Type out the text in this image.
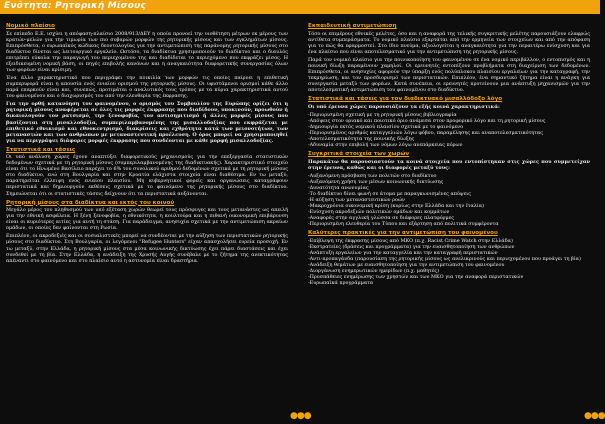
Ενότητα: Ρητορική Μίσους
Νομικό πλαίσιο

Σε επίπεδο Ε.Ε. ισχύει η απόφαση-πλαίσιο 2008/913/ΔΕΥ η οποία προνοεί την υιοθέτηση μέτρων εκ μέρους των κρατών-μελών για την τιμωρία των πιο σοβαρών μορφών της ρητορικής μίσους και των εγκλημάτων μίσους. Επιπρόσθετα, ο ευρωπαϊκός κώδικας δεοντολογίας για την αντιμετώπιση της παράνομης ρητορικής μίσους στο διαδίκτυο δίνεται ως λειτουργικό εργαλείο. Ωστόσο, τα διαδίκτυα χρησιμοποιούν το διαδίκτυο και ο διαυλός επιτρέπει εύκολα την παραγωγή του περιεχομένου της και διαδίδεται το περιεχόμενο που εκφράζει μίσος. Η εξειδικευμένη νομική βάση, οι πηγές επιβολής κανόνων και η αναγκαιότητα διαφορετικής συνεργασίας όλων των φορέων είναι κρίσιμη.

Ένα άλλο χαρακτηριστικό που περιγράφει την ποικιλία των μορφών τις οποίες παίρνει η επιθετική συμπεριφορά είναι η απουσία ενός ενιαίου ορισμού της ρητορικής μίσους. Οι υφιστάμενοι ορισμοί κάθε άλλο παρά επαρκούν είναι και, συνεπώς, προτιμάται ο αναλυτικός τους τρόπος με τα κύρια χαρακτηριστικά αυτού του φαινομένου και ο διαχωρισμός του από την ελευθερία της έκφρασης.

Για την ορθή κατανόηση του φαινομένου, ο ορισμός του Συμβουλίου της Ευρώπης ορίζει ότι η ρητορική μίσους αναφέρεται σε όλες τις μορφές έκφρασης που διαδίδουν, υποκινούν, προωθούν ή δικαιολογούν τον ρατσισμό, την ξενοφοβία, τον αντισημιτισμό ή άλλες μορφές μίσους που βασίζονται στη μισαλλοδοξία, συμπεριλαμβανομένης της μισαλλοδοξίας που εκφράζεται με επιθετικό εθνικισμό και εθνοκεντρισμό, διακρίσεις και εχθρότητα κατά των μειονοτήτων, των μεταναστών και των ανθρώπων με μεταναστευτική προέλευση. Ο όρος μπορεί να χρησιμοποιηθεί για να περιγράψει διάφορες μορφές έκφρασης που συνδέονται με κάθε μορφή μισαλλοδοξίας.

Στατιστικά και τάσεις

Οι υπό ανάλυση χώρες έχουν αναπτύξει διαφορετικούς μηχανισμούς για την επεξεργασία στατιστικών δεδομένων σχετικά με τη ρητορική μίσους (συμπεριλαμβανομένης της διαδικτυακής). Χαρακτηριστικό στοιχείο είναι ότι το Ηνωμένο Βασίλειο παρέχει το 6% του συνολικού αριθμού δεδομένων σχετικά με τη ρητορική μίσους στο διαδίκτυο, ενώ στη Βουλγαρία και στην Κροατία ελάχιστα στοιχεία είναι διαθέσιμα. Εν τω μεταξύ, παρατηρείται έλλειψη ενός ενιαίου πλαισίου. Μη κυβερνητικοί φορείς και οργανώσεις καταγράφουν περιστατικά και δημιουργούν εκθέσεις σχετικά με το φαινόμενο της ρητορικής μίσους στο διαδίκτυο. Σημειώνεται ότι οι στατιστικές τάσεις δείχνουν ότι τα περιστατικά αυξάνονται.

Ρητορική μίσους στα διαδίκτυα και εκτός του κοινού

Μεγάλο μέρος του πληθυσμού των υπό εξέταση χωρών θεωρεί τους πρόσφυγες και τους μετανάστες ως απειλή για την εθνική ασφάλεια. Η ξένη ξενοφοβία, η εθνικότητα, η κουλτούρα και η πιθανή οικονομική επιβάρυνση είναι οι κυριότερες αιτίες για αυτή τη στάση. Για παράδειγμα, ανησυχία σχετικά με την αντιμετώπιση ακραίων ομάδων, οι οποίες δεν φαίνονται στη Ρωσία.

Επιπλέον, οι ακροδεξιές και οι σοσιαλιστικές μπορεί να συνδέονται με την αύξηση των περιστατικών ρητορικής μίσους στο διαδίκτυο. Στη Βουλγαρία, οι λεγόμενοι "Refugee Hunters" είχαν απασχολήσει ευρεία προσοχή. Εν τω μεταξύ, στην Ελλάδα, η ρητορική μίσους στα μέσα κοινωνικής δικτύωσης έχει πάρει διαστάσεις και έχει συνδεθεί με τη βία. Στην Ελλάδα, η ανάδειξη της Χρυσής Αυγής συνέβαλε με το ζήτημα της ανεκτικότητας απέναντι στο φαινόμενο και στο πλαίσιο αυτό η αστυνομία είναι δραστήρια.

Εκπαιδευτική αντιμετώπιση

Τόσο οι επιμέρους εθνικές μελέτες, όσο και η αναφορά της τελικής συγκριτικής μελέτης παρουσιάζουν ελαφρώς αντίθετα συμπεράσματα. Το νομικό πλαίσιο εξαρτάται από την ερμηνεία των στοιχείων και από την απόφαση για το πώς θα εφαρμοστεί. Στο ίδιο πνεύμα, αξιολογείται η αναγκαιότητα για την περαιτέρω ενίσχυση και για ένα πλαίσιο που είναι αποτελεσματικό για την αντιμετώπιση της ρητορικής μίσους.

Παρά τον νομικό πλαίσιο για την ποινικοποίηση του φαινομένου σε ένα νομικό περιβάλλον, ο εντοπισμός και η ποινική δίωξη παραμένουν χαμηλοί. Οι ερευνητές εντοπίζουν προβλήματα στη διαχείριση των δεδομένων. Επιπρόσθετα, οι ανησυχίες αφορούν την ύπαρξη ενός πολύπλοκου πλαισίου εργαλείων για την καταγραφή, την τεκμηρίωση, και τον προσδιορισμό των περιστατικών. Επιπλέον, ένα σημαντικό ζήτημα είναι η ανάγκη για συνεργασία μεταξύ των φορέων. Κατά συνέπεια, οι ερευνητές προτείνουν μια ανάπτυξη μηχανισμών για την αποτελεσματική αντιμετώπιση του φαινομένου στο διαδίκτυο.

Στατιστικά και τάσεις για τον διαδικτυακό μισαλλόδοξο λόγο

Οι υπό έρευνα χώρες παρουσιάζουν τα εξής κοινά χαρακτηριστικά:

-Περιορισμένη σχετική με τη ρητορική μίσους βιβλιογραφία
-Απόψεις στον οριακό και ποιοτικό όριο ανάμεσα στον προφορικό λόγο και τη ρητορική μίσους
-Δημιουργία εκτός νομικού πλαισίου σχετικά με το φαινόμενο
-Περιορισμένος αριθμός καταγγελιών λόγω φόβου, παραμέλησης και αναποτελεσματικότητας
-Αποτελεσματικότητα της ποινικής δίωξης
-Αδυναμία στην επιβολή των νόμων λόγω ανεπάρκειας πόρων
Συγκριτικά στοιχεία των χωρών

Παρακάτω θα παρουσιαστούν τα κοινά στοιχεία που εντοπίστηκαν στις χώρες που συμμετείχαν στην έρευνα, καθώς και οι διαφορές μεταξύ τους:

-Αυξανόμενη πρόσβαση των πολιτών στο διαδίκτυο
-Αυξανόμενη χρήση των μέσων κοινωνικής δικτύωσης
-Δυνατότητα ανωνυμίας
-Το διαδίκτυο δίνει φωνή σε άτομα με παραγκωνισμένες απόψεις
-Η αύξηση των μεταναστευτικών ροών
-Μακροχρόνια οικονομική κρίση (κυρίως στην Ελλάδα και την Ιταλία)
-Ενίσχυση ακροδεξιών πολιτικών ομάδων και κομμάτων
-Αναφορές στην αγγλική γλώσσα σε διάφορες πλατφόρμες
-Περιορισμένη ελευθερία του Τύπου και εξάρτηση από πολιτικά συμφέροντα
Καλύτερες πρακτικές για την αντιμετώπιση του φαινομένου
-Επίβλεψη της έκφρασης μίσους από ΜΚΟ (π.χ. Racist Crime Watch στην Ελλάδα)
-Εκστρατείες (δράσεις και προγράμματα) για την ευαισθητοποίηση των ανθρώπων
-Ανάπτυξη εργαλείων για την καταγγελία και την καταγραφή περιστατικών
-Αντι-προπαγάνδα (παρουσίαση της ρητορικής μίσους ως ανελικρινούς και περιεχομένου που προάγει τη βία)
-Ανάδειξη θεμάτων με ευαισθητοποίηση για την αντιμετώπιση του φαινομένου
-Διοργάνωση ενημερωτικών ημερίδων (π.χ. μαθητές)
-Προσπάθειες ενημέρωσης των χρηστών και των ΜΚΟ για την αναφορά περιστατικών
-Ευρωπαϊκά προγράμματα
●●●	●●●
